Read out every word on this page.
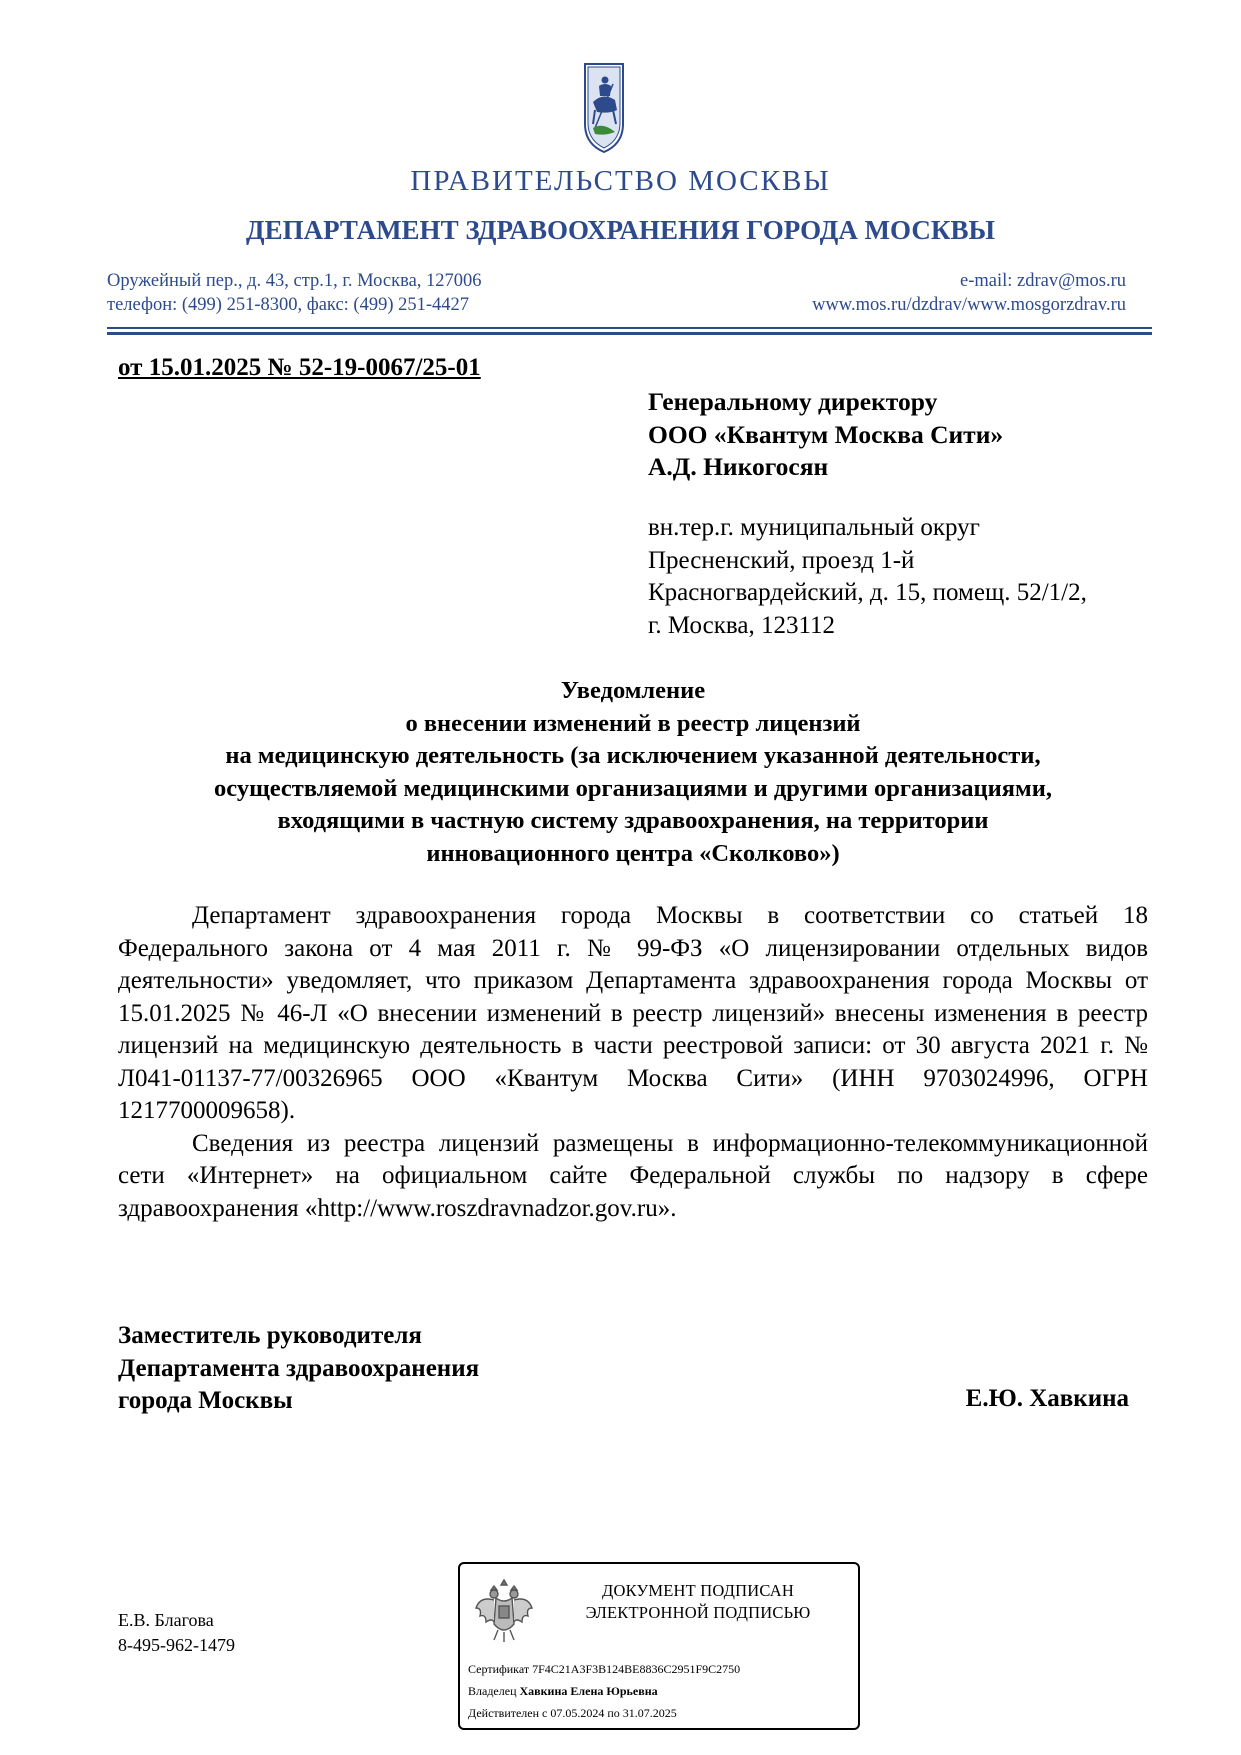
ПРАВИТЕЛЬСТВО МОСКВЫ
ДЕПАРТАМЕНТ ЗДРАВООХРАНЕНИЯ ГОРОДА МОСКВЫ
Оружейный пер., д. 43, стр.1, г. Москва, 127006
телефон: (499) 251-8300, факс: (499) 251-4427
e-mail: zdrav@mos.ru
www.mos.ru/dzdrav/www.mosgorzdrav.ru
от 15.01.2025 № 52-19-0067/25-01
Генеральному директору
ООО «Квантум Москва Сити»
А.Д. Никогосян
вн.тер.г. муниципальный округ
Пресненский, проезд 1-й
Красногвардейский, д. 15, помещ. 52/1/2,
г. Москва, 123112
Уведомление
о внесении изменений в реестр лицензий
на медицинскую деятельность (за исключением указанной деятельности,
осуществляемой медицинскими организациями и другими организациями,
входящими в частную систему здравоохранения, на территории
инновационного центра «Сколково»)

Департамент здравоохранения города Москвы в соответствии со статьей 18 Федерального закона от 4 мая 2011 г. № 99-ФЗ «О лицензировании отдельных видов деятельности» уведомляет, что приказом Департамента здравоохранения города Москвы от 15.01.2025 № 46-Л «О внесении изменений в реестр лицензий» внесены изменения в реестр лицензий на медицинскую деятельность в части реестровой записи: от 30 августа 2021 г. № Л041-01137-77/00326965 ООО «Квантум Москва Сити» (ИНН 9703024996, ОГРН 1217700009658).

Сведения из реестра лицензий размещены в информационно-телекоммуникационной сети «Интернет» на официальном сайте Федеральной службы по надзору в сфере здравоохранения «http://www.roszdravnadzor.gov.ru».

Заместитель руководителя
Департамента здравоохранения
города Москвы	Е.Ю. Хавкина
Е.В. Благова
8-495-962-1479
ДОКУМЕНТ ПОДПИСАН
ЭЛЕКТРОННОЙ ПОДПИСЬЮ
Сертификат 7F4C21A3F3B124BE8836C2951F9C2750
Владелец Хавкина Елена Юрьевна
Действителен с 07.05.2024 по 31.07.2025
